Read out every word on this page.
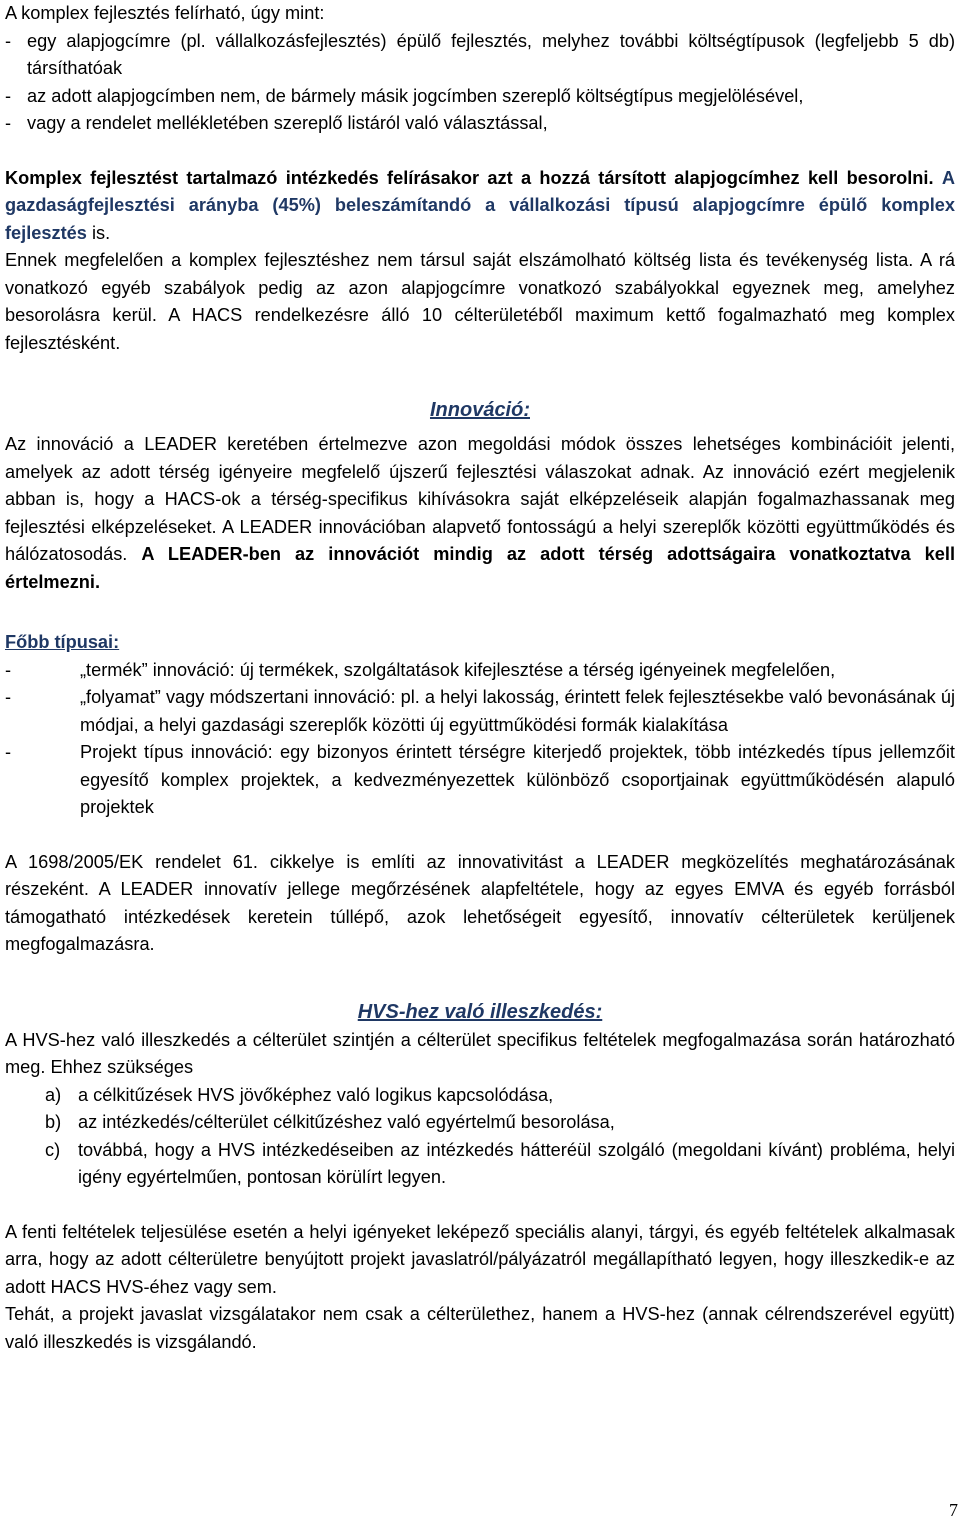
A komplex fejlesztés felírható, úgy mint:

- egy alapjogcímre (pl. vállalkozásfejlesztés) épülő fejlesztés, melyhez további költségtípusok (legfeljebb 5 db) társíthatóak
- az adott alapjogcímben nem, de bármely másik jogcímben szereplő költségtípus megjelölésével,
- vagy a rendelet mellékletében szereplő listáról való választással,

Komplex fejlesztést tartalmazó intézkedés felírásakor azt a hozzá társított alapjogcímhez kell besorolni. A gazdaságfejlesztési arányba (45%) beleszámítandó a vállalkozási típusú alapjogcímre épülő komplex fejlesztés is.

Ennek megfelelően a komplex fejlesztéshez nem társul saját elszámolható költség lista és tevékenység lista. A rá vonatkozó egyéb szabályok pedig az azon alapjogcímre vonatkozó szabályokkal egyeznek meg, amelyhez besorolásra kerül. A HACS rendelkezésre álló 10 célterületéből maximum kettő fogalmazható meg komplex fejlesztésként.

Innováció:

Az innováció a LEADER keretében értelmezve azon megoldási módok összes lehetséges kombinációit jelenti, amelyek az adott térség igényeire megfelelő újszerű fejlesztési válaszokat adnak. Az innováció ezért megjelenik abban is, hogy a HACS-ok a térség-specifikus kihívásokra saját elképzeléseik alapján fogalmazhassanak meg fejlesztési elképzeléseket. A LEADER innovációban alapvető fontosságú a helyi szereplők közötti együttműködés és hálózatosodás. A LEADER-ben az innovációt mindig az adott térség adottságaira vonatkoztatva kell értelmezni.

Főbb típusai:

-	„termék” innováció: új termékek, szolgáltatások kifejlesztése a térség igényeinek megfelelően,
-	„folyamat” vagy módszertani innováció: pl. a helyi lakosság, érintett felek fejlesztésekbe való bevonásának új módjai, a helyi gazdasági szereplők közötti új együttműködési formák kialakítása
-	Projekt típus innováció: egy bizonyos érintett térségre kiterjedő projektek, több intézkedés típus jellemzőit egyesítő komplex projektek, a kedvezményezettek különböző csoportjainak együttműködésén alapuló projektek

A 1698/2005/EK rendelet 61. cikkelye is említi az innovativitást a LEADER megközelítés meghatározásának részeként. A LEADER innovatív jellege megőrzésének alapfeltétele, hogy az egyes EMVA és egyéb forrásból támogatható intézkedések keretein túllépő, azok lehetőségeit egyesítő, innovatív célterületek kerüljenek megfogalmazásra.

HVS-hez való illeszkedés:

A HVS-hez való illeszkedés a célterület szintjén a célterület specifikus feltételek megfogalmazása során határozható meg. Ehhez szükséges

a) a célkitűzések HVS jövőképhez való logikus kapcsolódása,
b) az intézkedés/célterület célkitűzéshez való egyértelmű besorolása,
c) továbbá, hogy a HVS intézkedéseiben az intézkedés hátteréül szolgáló (megoldani kívánt) probléma, helyi igény egyértelműen, pontosan körülírt legyen.

A fenti feltételek teljesülése esetén a helyi igényeket leképező speciális alanyi, tárgyi, és egyéb feltételek alkalmasak arra, hogy az adott célterületre benyújtott projekt javaslatról/pályázatról megállapítható legyen, hogy illeszkedik-e az adott HACS HVS-éhez vagy sem.

Tehát, a projekt javaslat vizsgálatakor nem csak a célterülethez, hanem a HVS-hez (annak célrendszerével együtt) való illeszkedés is vizsgálandó.

7
